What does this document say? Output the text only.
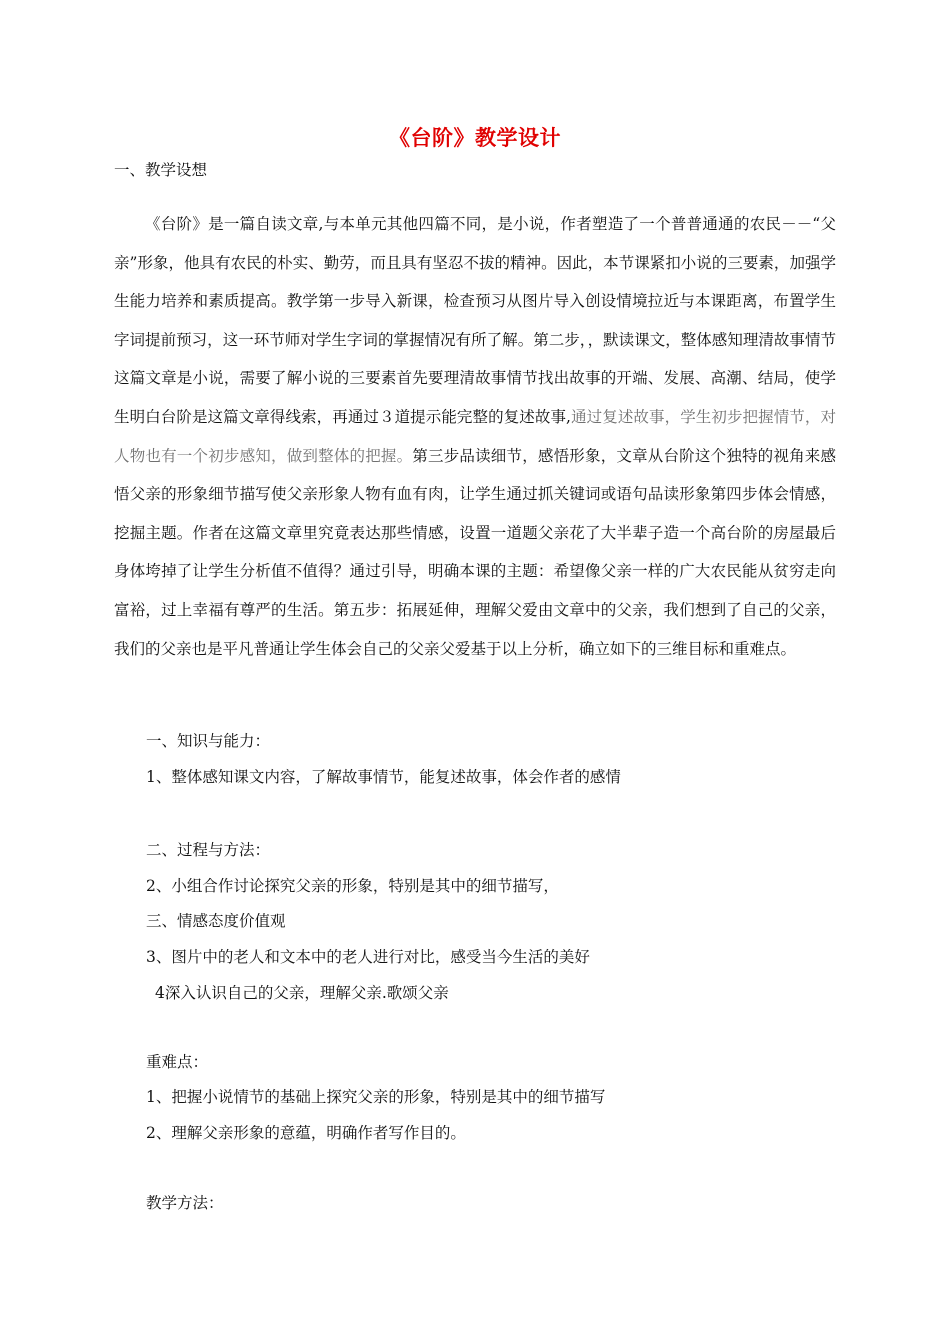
《台阶》教学设计
一、教学设想
《台阶》是一篇自读文章,与本单元其他四篇不同，是小说，作者塑造了一个普普通通的农民－－“父亲”形象，他具有农民的朴实、勤劳，而且具有坚忍不拔的精神。因此，本节课紧扣小说的三要素，加强学生能力培养和素质提高。教学第一步导入新课，检查预习从图片导入创设情境拉近与本课距离，布置学生字词提前预习，这一环节师对学生字词的掌握情况有所了解。第二步，，默读课文，整体感知理清故事情节这篇文章是小说，需要了解小说的三要素首先要理清故事情节找出故事的开端、发展、高潮、结局，使学生明白台阶是这篇文章得线索，再通过３道提示能完整的复述故事,通过复述故事，学生初步把握情节，对人物也有一个初步感知，做到整体的把握。第三步品读细节，感悟形象，文章从台阶这个独特的视角来感悟父亲的形象细节描写使父亲形象人物有血有肉，让学生通过抓关键词或语句品读形象第四步体会情感，挖掘主题。作者在这篇文章里究竟表达那些情感，设置一道题父亲花了大半辈子造一个高台阶的房屋最后身体垮掉了让学生分析值不值得？通过引导，明确本课的主题：希望像父亲一样的广大农民能从贫穷走向富裕，过上幸福有尊严的生活。第五步：拓展延伸，理解父爱由文章中的父亲，我们想到了自己的父亲，我们的父亲也是平凡普通让学生体会自己的父亲父爱基于以上分析，确立如下的三维目标和重难点。
一、知识与能力：
1、整体感知课文内容，了解故事情节，能复述故事，体会作者的感情
二、过程与方法：
2、小组合作讨论探究父亲的形象，特别是其中的细节描写，
三、情感态度价值观
3、图片中的老人和文本中的老人进行对比，感受当今生活的美好
4深入认识自己的父亲，理解父亲.歌颂父亲
重难点：
1、把握小说情节的基础上探究父亲的形象，特别是其中的细节描写
2、理解父亲形象的意蕴，明确作者写作目的。
教学方法：
